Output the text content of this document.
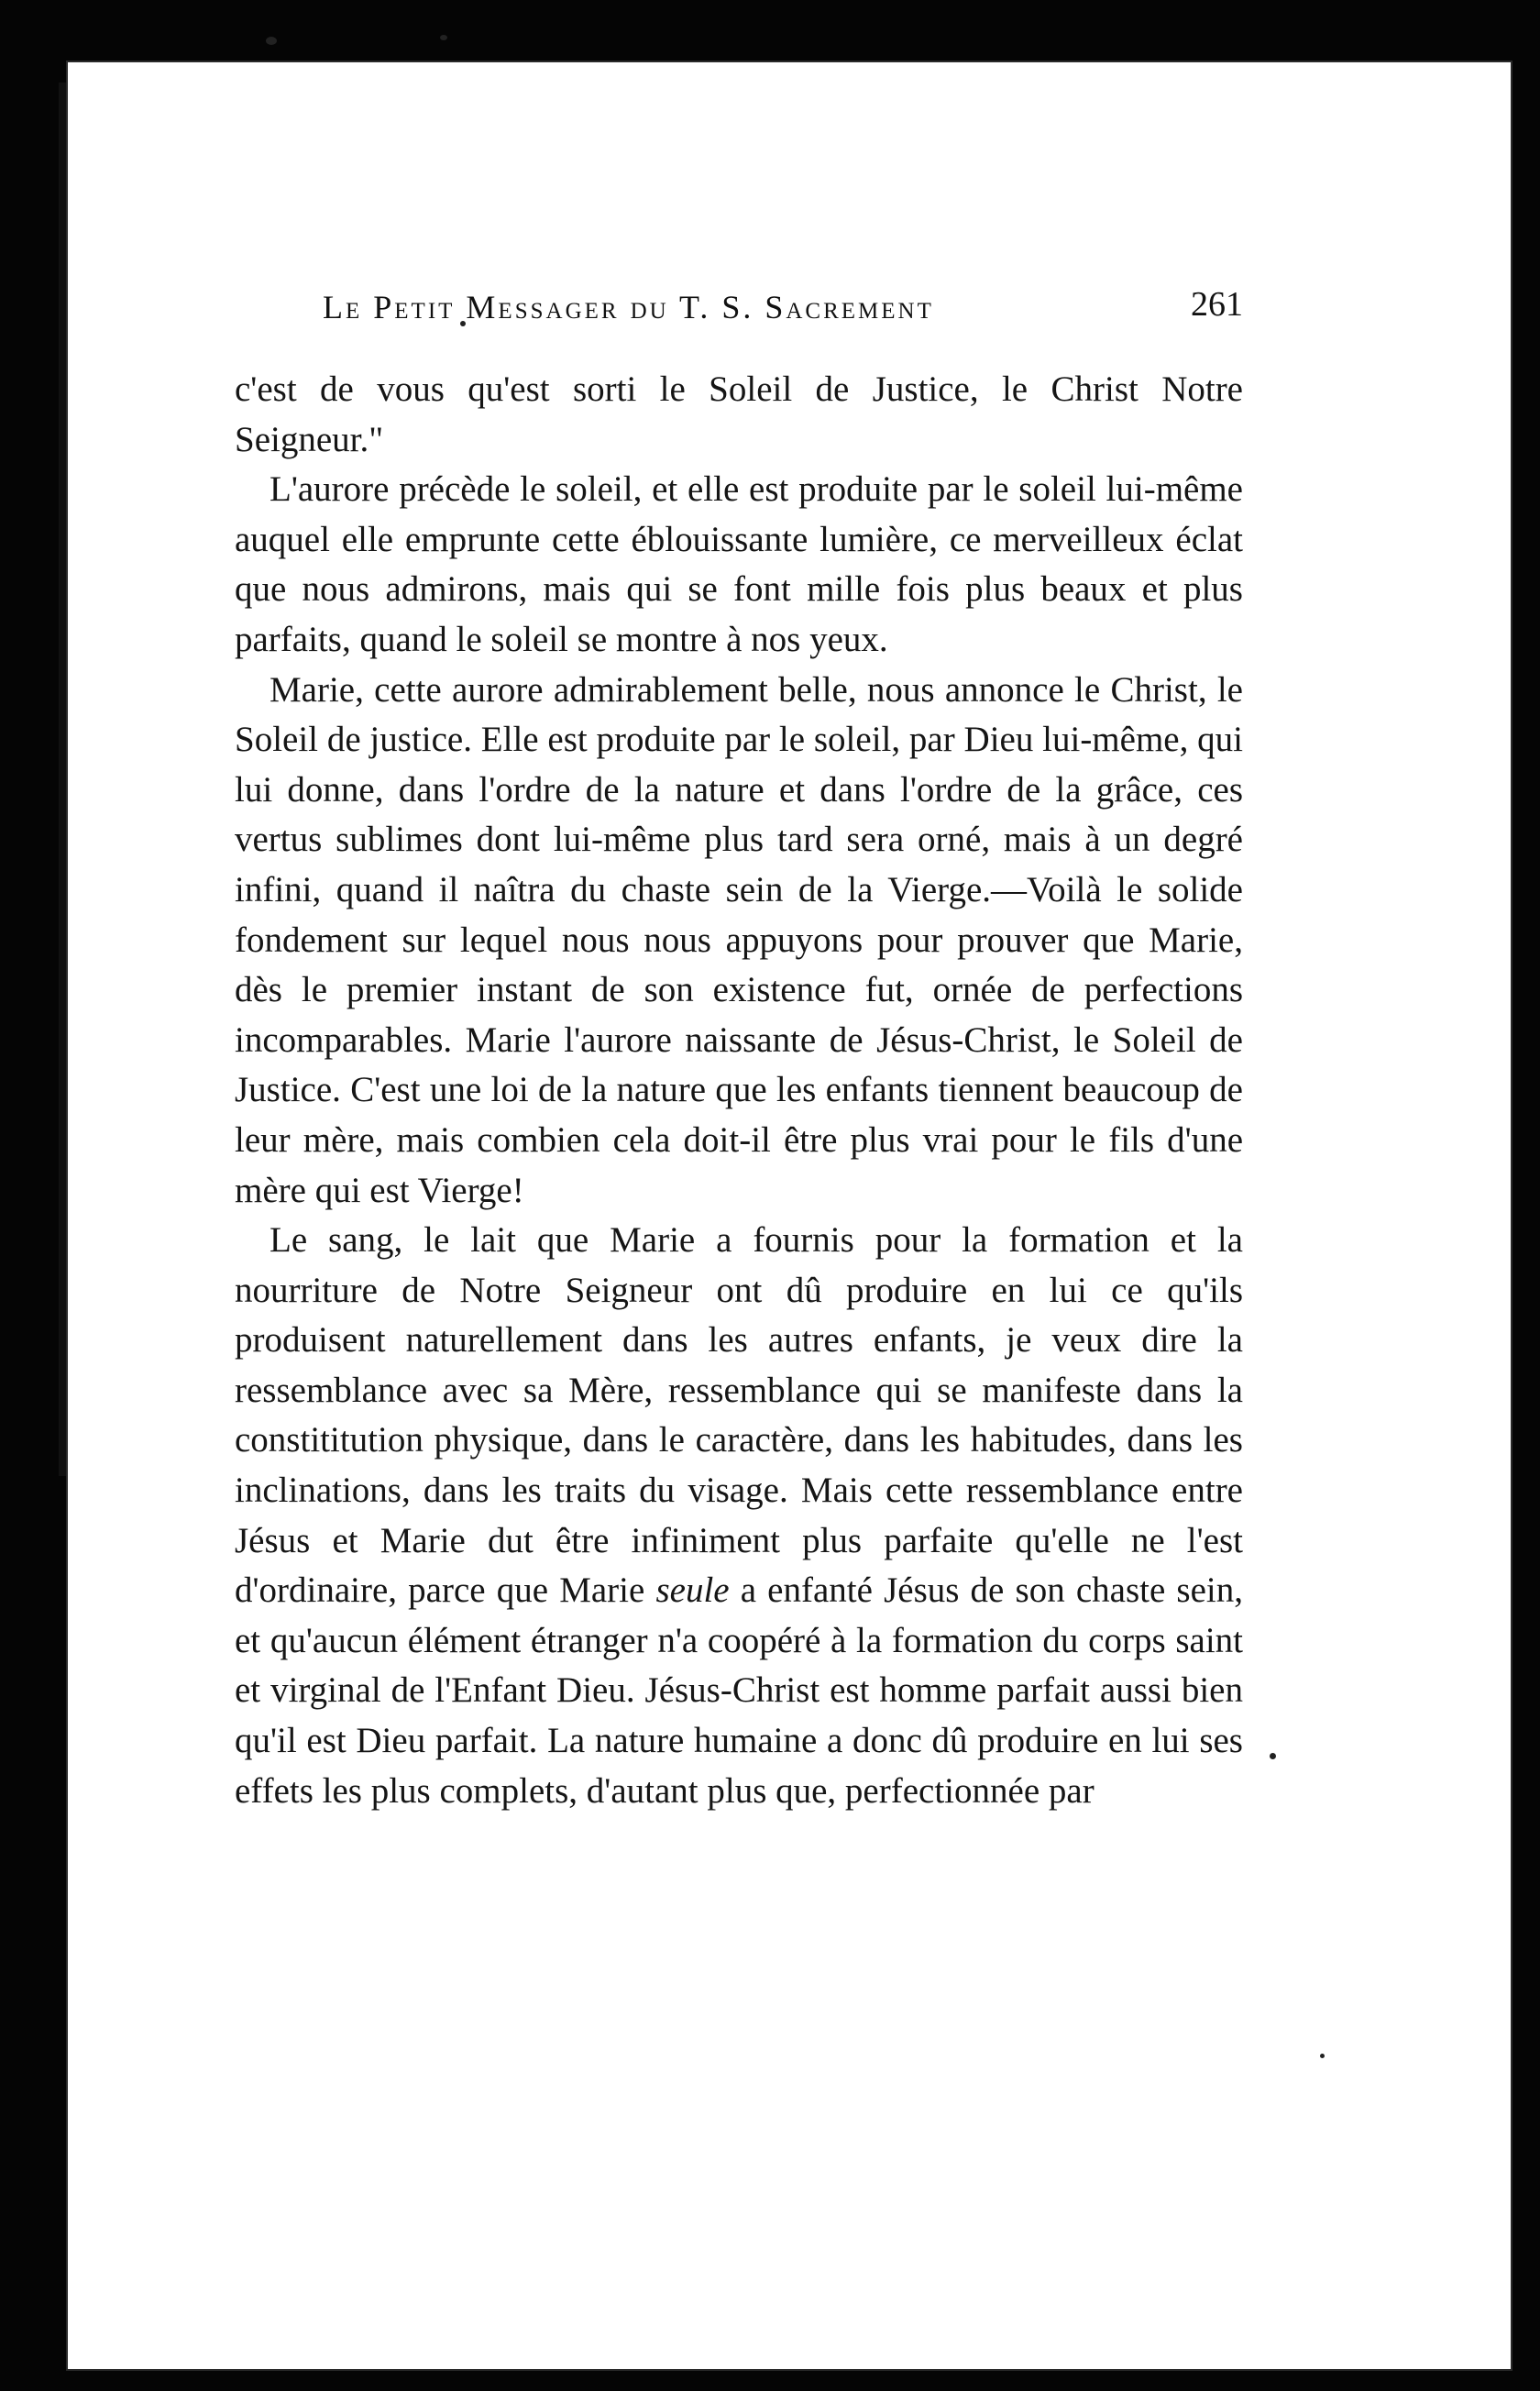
Le Petit Messager du T. S. Sacrement	261

c'est de vous qu'est sorti le Soleil de Justice, le Christ Notre Seigneur."

L'aurore précède le soleil, et elle est produite par le soleil lui-même auquel elle emprunte cette éblouissante lumière, ce merveilleux éclat que nous admirons, mais qui se font mille fois plus beaux et plus parfaits, quand le soleil se montre à nos yeux.

Marie, cette aurore admirablement belle, nous annonce le Christ, le Soleil de justice. Elle est produite par le soleil, par Dieu lui-même, qui lui donne, dans l'ordre de la nature et dans l'ordre de la grâce, ces vertus sublimes dont lui-même plus tard sera orné, mais à un degré infini, quand il naîtra du chaste sein de la Vierge.—Voilà le solide fondement sur lequel nous nous appuyons pour prouver que Marie, dès le premier instant de son existence fut, ornée de perfections incomparables. Marie l'aurore naissante de Jésus-Christ, le Soleil de Justice. C'est une loi de la nature que les enfants tiennent beaucoup de leur mère, mais combien cela doit-il être plus vrai pour le fils d'une mère qui est Vierge!

Le sang, le lait que Marie a fournis pour la formation et la nourriture de Notre Seigneur ont dû produire en lui ce qu'ils produisent naturellement dans les autres enfants, je veux dire la ressemblance avec sa Mère, ressemblance qui se manifeste dans la constititution physique, dans le caractère, dans les habitudes, dans les inclinations, dans les traits du visage. Mais cette ressemblance entre Jésus et Marie dut être infiniment plus parfaite qu'elle ne l'est d'ordinaire, parce que Marie seule a enfanté Jésus de son chaste sein, et qu'aucun élément étranger n'a coopéré à la formation du corps saint et virginal de l'Enfant Dieu. Jésus-Christ est homme parfait aussi bien qu'il est Dieu parfait. La nature humaine a donc dû produire en lui ses effets les plus complets, d'autant plus que, perfectionnée par
